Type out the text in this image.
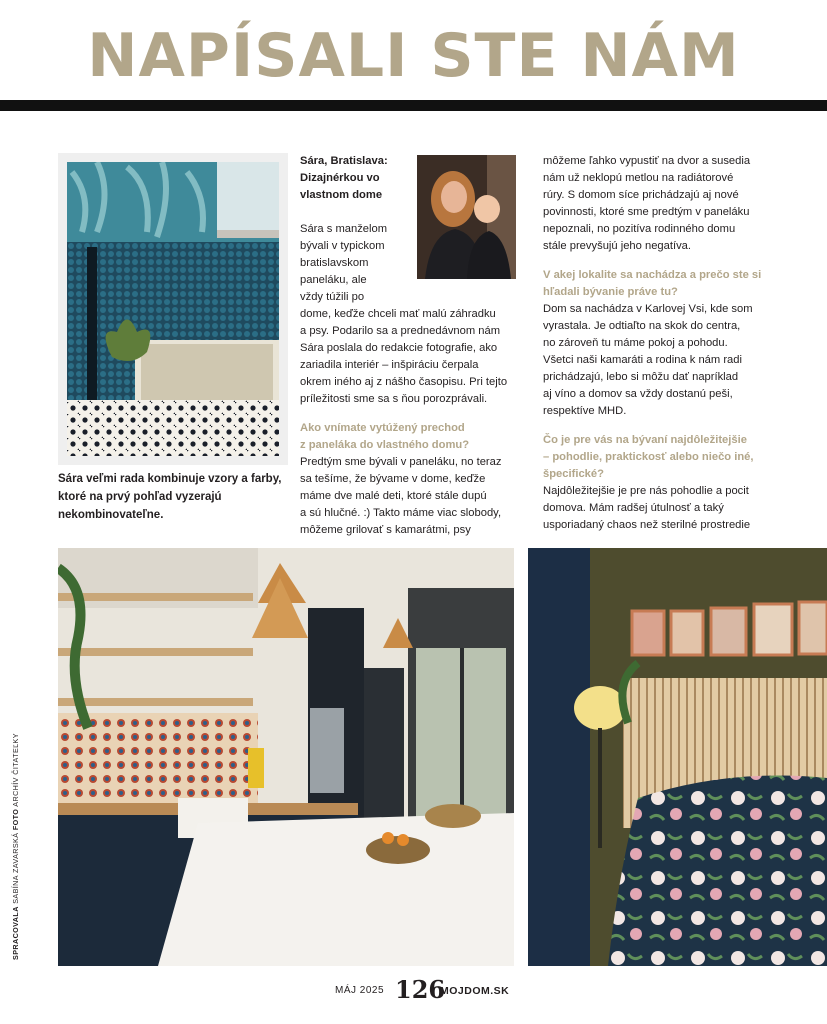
NAPÍSALI STE NÁM
Sára veľmi rada kombinuje vzory a farby, ktoré na prvý pohľad vyzerajú nekombinovateľne.
Sára, Bratislava:
Dizajnérkou vo
vlastnom dome
Sára s manželom
bývali v typickom
bratislavskom
paneláku, ale
vždy túžili po
dome, keďže chceli mať malú záhradku
a psy. Podarilo sa a prednedávnom nám
Sára poslala do redakcie fotografie, ako
zariadila interiér – inšpiráciu čerpala
okrem iného aj z nášho časopisu. Pri tejto
príležitosti sme sa s ňou porozprávali.
Ako vnímate vytúžený prechod
z paneláka do vlastného domu?
Predtým sme bývali v paneláku, no teraz
sa tešíme, že bývame v dome, keďže
máme dve malé deti, ktoré stále dupú
a sú hlučné. :) Takto máme viac slobody,
môžeme grilovať s kamarátmi, psy
môžeme ľahko vypustiť na dvor a susedia
nám už neklopú metlou na radiátorové
rúry. S domom síce prichádzajú aj nové
povinnosti, ktoré sme predtým v paneláku
nepoznali, no pozitíva rodinného domu
stále prevyšujú jeho negatíva.
V akej lokalite sa nachádza a prečo ste si
hľadali bývanie práve tu?
Dom sa nachádza v Karlovej Vsi, kde som
vyrastala. Je odtiaľto na skok do centra,
no zároveň tu máme pokoj a pohodu.
Všetci naši kamaráti a rodina k nám radi
prichádzajú, lebo si môžu dať napríklad
aj víno a domov sa vždy dostanú peši,
respektíve MHD.
Čo je pre vás na bývaní najdôležitejšie
– pohodlie, praktickosť alebo niečo iné,
špecifické?
Najdôležitejšie je pre nás pohodlie a pocit
domova. Mám radšej útulnosť a taký
usporiadaný chaos než sterilné prostredie
SPRACOVALA SABÍNA ZAVARSKÁ FOTO ARCHÍV ČITATEĽKY
MÁJ 2025 126
MOJDOM.SK
